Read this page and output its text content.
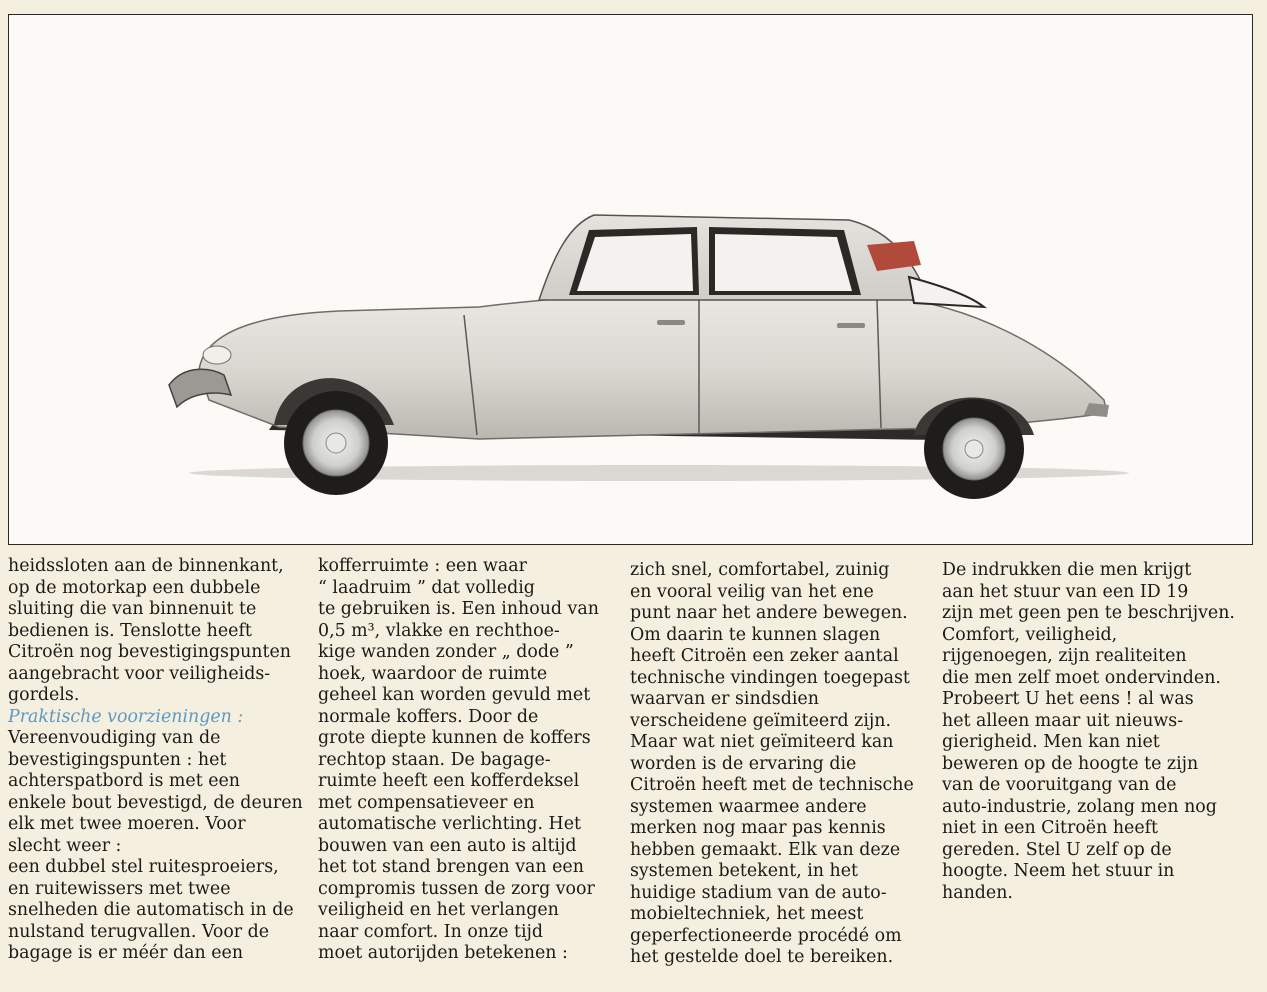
heidssloten aan de binnenkant,
op de motorkap een dubbele
sluiting die van binnenuit te
bedienen is. Tenslotte heeft
Citroën nog bevestigingspunten
aangebracht voor veiligheids-
gordels.
Praktische voorzieningen :
Vereenvoudiging van de
bevestigingspunten : het
achterspatbord is met een
enkele bout bevestigd, de deuren
elk met twee moeren. Voor
slecht weer :
een dubbel stel ruitesproeiers,
en ruitewissers met twee
snelheden die automatisch in de
nulstand terugvallen. Voor de
bagage is er méér dan een
kofferruimte : een waar
“ laadruim ” dat volledig
te gebruiken is. Een inhoud van
0,5 m³, vlakke en rechthoe-
kige wanden zonder „ dode ”
hoek, waardoor de ruimte
geheel kan worden gevuld met
normale koffers. Door de
grote diepte kunnen de koffers
rechtop staan. De bagage-
ruimte heeft een kofferdeksel
met compensatieveer en
automatische verlichting. Het
bouwen van een auto is altijd
het tot stand brengen van een
compromis tussen de zorg voor
veiligheid en het verlangen
naar comfort. In onze tijd
moet autorijden betekenen :
zich snel, comfortabel, zuinig
en vooral veilig van het ene
punt naar het andere bewegen.
Om daarin te kunnen slagen
heeft Citroën een zeker aantal
technische vindingen toegepast
waarvan er sindsdien
verscheidene geïmiteerd zijn.
Maar wat niet geïmiteerd kan
worden is de ervaring die
Citroën heeft met de technische
systemen waarmee andere
merken nog maar pas kennis
hebben gemaakt. Elk van deze
systemen betekent, in het
huidige stadium van de auto-
mobieltechniek, het meest
geperfectioneerde procédé om
het gestelde doel te bereiken.
De indrukken die men krijgt
aan het stuur van een ID 19
zijn met geen pen te beschrijven.
Comfort, veiligheid,
rijgenoegen, zijn realiteiten
die men zelf moet ondervinden.
Probeert U het eens ! al was
het alleen maar uit nieuws-
gierigheid. Men kan niet
beweren op de hoogte te zijn
van de vooruitgang van de
auto-industrie, zolang men nog
niet in een Citroën heeft
gereden. Stel U zelf op de
hoogte. Neem het stuur in
handen.
